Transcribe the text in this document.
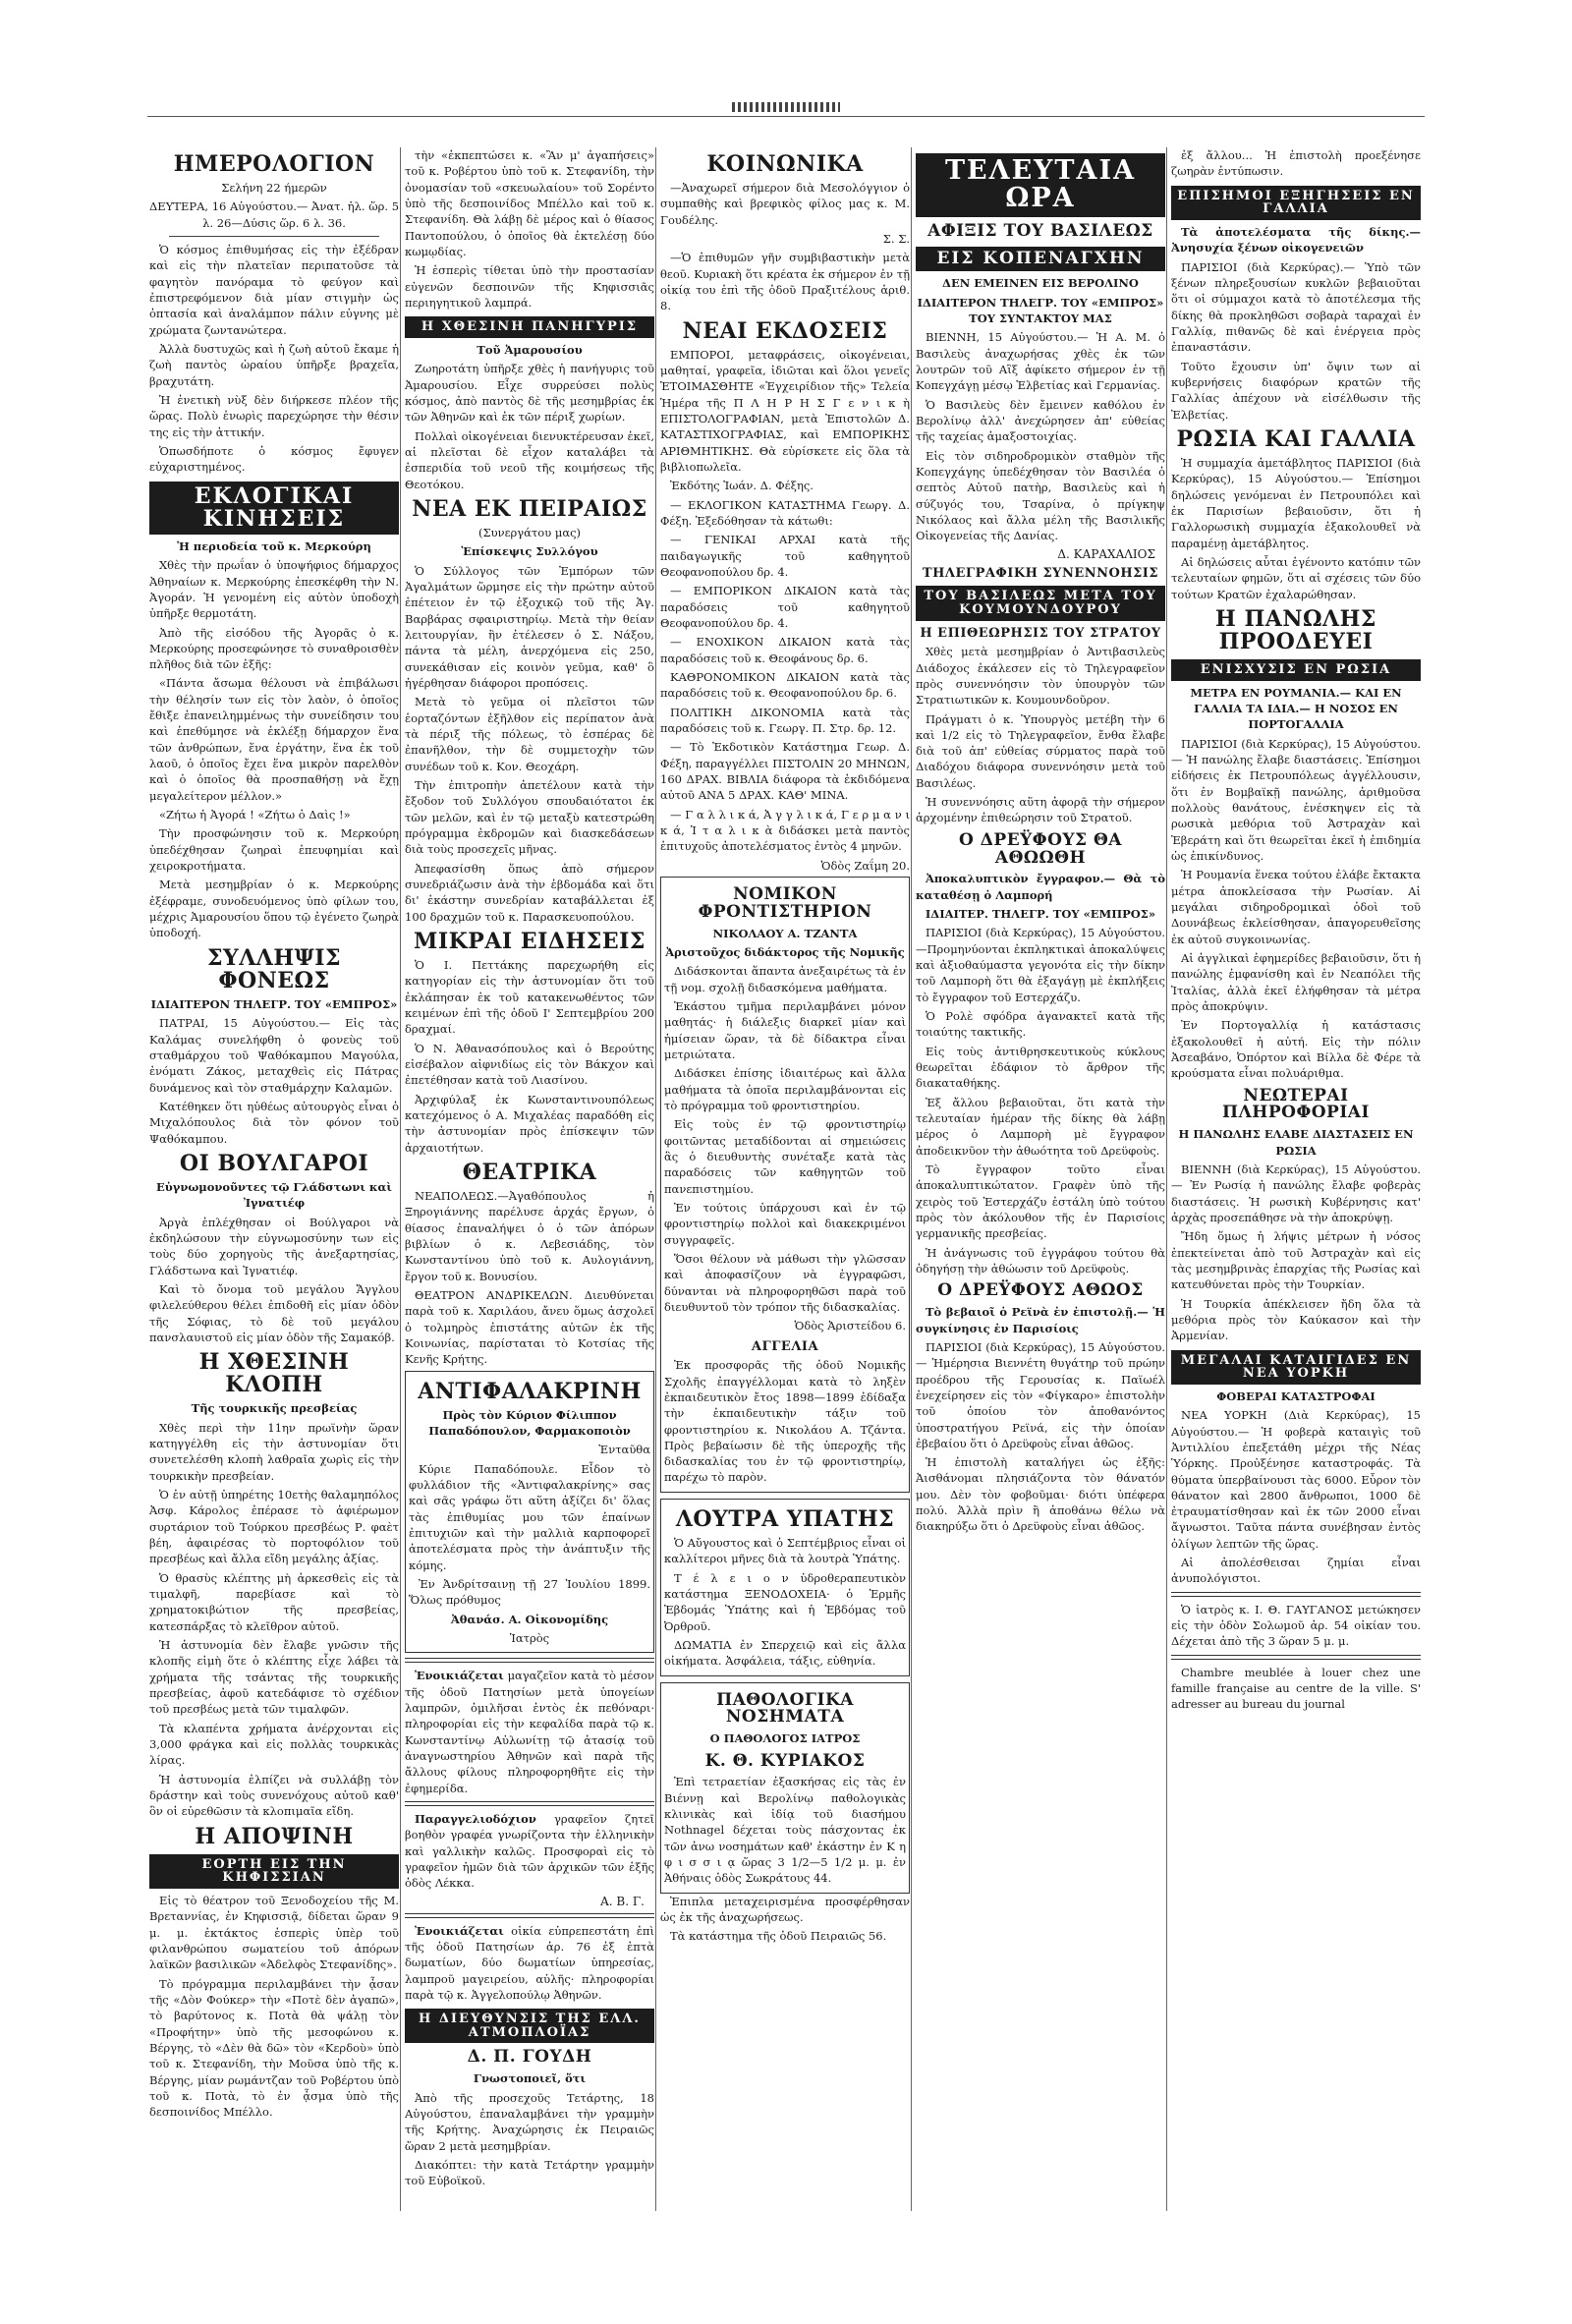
ΗΜΕΡΟΛΟΓΙΟΝ

Σελήνη 22 ήμερῶν

ΔΕΥΤΕΡΑ, 16 Αὐγούστου.— Ἀνατ. ἡλ. ὥρ. 5 λ. 26—Δύσις ὥρ. 6 λ. 36.

Ὁ κόσμος ἐπιθυμήσας εἰς τὴν ἐξέδραν καὶ εἰς τὴν πλατεῖαν περιπατοῦσε τὰ φαγητὸν πανόραμα τὸ φεύγον καὶ ἐπιστρεφόμενον διὰ μίαν στιγμὴν ὡς ὀπτασία καὶ ἀναλάμπον πάλιν εὐγνης μὲ χρώματα ζωντανώτερα.

Ἀλλὰ δυστυχῶς καὶ ἡ ζωὴ αὐτοῦ ἔκαμε ἡ ζωὴ παντὸς ὡραίου ὑπῆρξε βραχεῖα, βραχυτάτη.

Ἡ ἐνετικὴ νὺξ δὲν διήρκεσε πλέον τῆς ὥρας. Πολὺ ἐνωρὶς παρεχώρησε τὴν θέσιν της εἰς τὴν ἀττικήν.

Ὁπωσδήποτε ὁ κόσμος ἔφυγεν εὐχαριστημένος.

ΕΚΛΟΓΙΚΑΙ ΚΙΝΗΣΕΙΣ

Ἡ περιοδεία τοῦ κ. Μερκούρη

Χθὲς τὴν πρωΐαν ὁ ὑποψήφιος δήμαρχος Ἀθηναίων κ. Μερκούρης ἐπεσκέφθη τὴν Ν. Ἀγοράν. Ἡ γενομένη εἰς αὐτὸν ὑποδοχὴ ὑπῆρξε θερμοτάτη.

Ἀπὸ τῆς εἰσόδου τῆς Ἀγορᾶς ὁ κ. Μερκούρης προσεφώνησε τὸ συναθροισθὲν πλῆθος διὰ τῶν ἑξῆς:

«Πάντα ἄσωμα θέλουσι νὰ ἐπιβάλωσι τὴν θέλησίν των εἰς τὸν λαὸν, ὁ ὁποῖος ἔθιξε ἐπανειλημμένως τὴν συνείδησιν του καὶ ἐπεθύμησε νὰ ἐκλέξῃ δήμαρχον ἕνα τῶν ἀνθρώπων, ἕνα ἐργάτην, ἕνα ἐκ τοῦ λαοῦ, ὁ ὁποῖος ἔχει ἕνα μικρὸν παρελθὸν καὶ ὁ ὁποῖος θὰ προσπαθήσῃ νὰ ἔχῃ μεγαλείτερον μέλλον.»

«Ζήτω ἡ Ἀγορά ! «Ζήτω ὁ Δαὶς !»

Τὴν προσφώνησιν τοῦ κ. Μερκούρη ὑπεδέχθησαν ζωηραὶ ἐπευφημίαι καὶ χειροκροτήματα.

Μετὰ μεσημβρίαν ὁ κ. Μερκούρης ἐξέφραμε, συνοδευόμενος ὑπὸ φίλων του, μέχρις Ἀμαρουσίου ὅπου τῷ ἐγένετο ζωηρὰ ὑποδοχή.

ΣΥΛΛΗΨΙΣ ΦΟΝΕΩΣ

ΙΔΙΑΙΤΕΡΟΝ ΤΗΛΕΓΡ. ΤΟΥ «ΕΜΠΡΟΣ»

ΠΑΤΡΑΙ, 15 Αὐγούστου.— Εἰς τὰς Καλάμας συνελήφθη ὁ φονεὺς τοῦ σταθμάρχου τοῦ Ψαθόκαμπου Μαγούλα, ἐνόματι Ζάκος, μεταχθεὶς εἰς Πάτρας δυνάμενος καὶ τὸν σταθμάρχην Καλαμῶν.

Κατέθηκεν ὅτι ηὐθέως αὐτουργὸς εἶναι ὁ Μιχαλόπουλος διὰ τὸν φόνον τοῦ Ψαθόκαμπου.

ΟΙ ΒΟΥΛΓΑΡΟΙ

Εὐγνωμονοῦντες τῷ Γλάδστωνι καὶ Ἰγνατιέφ

Ἀργὰ ἐπλέχθησαν οἱ Βούλγαροι νὰ ἐκδηλώσουν τὴν εὐγνωμοσύνην των εἰς τοὺς δύο χορηγοὺς τῆς ἀνεξαρτησίας, Γλάδστωνα καὶ Ἰγνατιέφ.

Καὶ τὸ ὄνομα τοῦ μεγάλου Ἄγγλου φιλελεύθερου θέλει ἐπιδοθῆ εἰς μίαν ὁδὸν τῆς Σόφιας, τὸ δὲ τοῦ μεγάλου πανσλαυιστοῦ εἰς μίαν ὁδὸν τῆς Σαμακόβ.

Η ΧΘΕΣΙΝΗ ΚΛΟΠΗ

Τῆς τουρκικῆς πρεσβείας

Χθὲς περὶ τὴν 11ην πρωϊνὴν ὥραν κατηγγέλθη εἰς τὴν ἀστυνομίαν ὅτι συνετελέσθη κλοπὴ λαθραῖα χωρὶς εἰς τὴν τουρκικὴν πρεσβείαν.

Ὁ ἐν αὐτῇ ὑπηρέτης 10ετὴς θαλαμηπόλος Ἀσφ. Κάρολος ἐπέρασε τὸ ἀφιέρωμον συρτάριον τοῦ Τούρκου πρεσβέως Ρ. φαὲτ βέη, ἀφαιρέσας τὸ πορτοφόλιον τοῦ πρεσβέως καὶ ἄλλα εἴδη μεγάλης ἀξίας.

Ὁ θρασὺς κλέπτης μὴ ἀρκεσθεὶς εἰς τὰ τιμαλφῆ, παρεβίασε καὶ τὸ χρηματοκιβώτιον τῆς πρεσβείας, κατεσπάρξας τὸ κλεῖθρον αὐτοῦ.

Ἡ ἀστυνομία δὲν ἔλαβε γνῶσιν τῆς κλοπῆς εἰμὴ ὅτε ὁ κλέπτης εἶχε λάβει τὰ χρήματα τῆς τσάντας τῆς τουρκικῆς πρεσβείας, ἀφοῦ κατεδάφισε τὸ σχέδιον τοῦ πρεσβέως μετὰ τῶν τιμαλφῶν.

Τὰ κλαπέντα χρήματα ἀνέρχονται εἰς 3,000 φράγκα καὶ εἰς πολλὰς τουρκικὰς λίρας.

Ἡ ἀστυνομία ἐλπίζει νὰ συλλάβῃ τὸν δράστην καὶ τοὺς συνενόχους αὐτοῦ καθ' ὃν οἱ εὐρεθῶσιν τὰ κλοπιμαῖα εἴδη.

Η ΑΠΟΨΙΝΗ
ΕΟΡΤΗ ΕΙΣ ΤΗΝ ΚΗΦΙΣΣΙΑΝ

Εἰς τὸ θέατρον τοῦ Ξενοδοχείου τῆς Μ. Βρεταννίας, ἐν Κηφισσιᾷ, δίδεται ὥραν 9 μ. μ. ἐκτάκτος ἑσπερὶς ὑπὲρ τοῦ φιλανθρώπου σωματείου τοῦ ἀπόρων λαϊκῶν βασιλικῶν «Ἀδελφὸς Στεφανίδης».

Τὸ πρόγραμμα περιλαμβάνει τὴν ᾆσαν τῆς «Δὸν Φούκερ» τὴν «Ποτὲ δὲν ἀγαπῶ», τὸ βαρύτονος κ. Ποτὰ θὰ ψάλῃ τὸν «Προφήτην» ὑπὸ τῆς μεσοφώνου κ. Βέργης, τὸ «Δὲν θὰ δῶ» τὸν «Κερδοὺ» ὑπὸ τοῦ κ. Στεφανίδη, τὴν Μοῦσα ὑπὸ τῆς κ. Βέργης, μίαν ρωμάντζαν τοῦ Ροβέρτου ὑπὸ τοῦ κ. Ποτὰ, τὸ ἐν ᾆσμα ὑπὸ τῆς δεσποινίδος Μπέλλο.

τὴν «ἐκπεπτώσει κ. «Ἂν μ' ἀγαπήσεις» τοῦ κ. Ροβέρτου ὑπὸ τοῦ κ. Στεφανίδη, τὴν ὀνομασίαν τοῦ «σκευωλαίου» τοῦ Σορέντο ὑπὸ τῆς δεσποινίδος Μπέλλο καὶ τοῦ κ. Στεφανίδη. Θὰ λάβῃ δὲ μέρος καὶ ὁ θίασος Παντοπούλου, ὁ ὁποῖος θὰ ἐκτελέσῃ δύο κωμῳδίας.

Ἡ ἑσπερὶς τίθεται ὑπὸ τὴν προστασίαν εὐγενῶν δεσποινῶν τῆς Κηφισσιᾶς περιηγητικοῦ λαμπρά.

Η ΧΘΕΣΙΝΗ ΠΑΝΗΓΥΡΙΣ

Τοῦ Ἀμαρουσίου

Ζωηροτάτη ὑπῆρξε χθὲς ἡ πανήγυρις τοῦ Ἀμαρουσίου. Εἶχε συρρεύσει πολὺς κόσμος, ἀπὸ παντὸς δὲ τῆς μεσημβρίας ἐκ τῶν Ἀθηνῶν καὶ ἐκ τῶν πέριξ χωρίων.

Πολλαὶ οἰκογένειαι διενυκτέρευσαν ἐκεῖ, αἱ πλεῖσται δὲ εἶχον καταλάβει τὰ ἐσπεριδία τοῦ νεοῦ τῆς κοιμήσεως τῆς Θεοτόκου.

ΝΕΑ ΕΚ ΠΕΙΡΑΙΩΣ

(Συνεργάτου μας)

Ἐπίσκεψις Συλλόγου

Ὁ Σύλλογος τῶν Ἐμπόρων τῶν Ἀγαλμάτων ὥρμησε εἰς τὴν πρώτην αὐτοῦ ἐπέτειον ἐν τῷ ἐξοχικῷ τοῦ τῆς Ἁγ. Βαρβάρας σφαιριστηρίῳ. Μετὰ τὴν θείαν λειτουργίαν, ἣν ἐτέλεσεν ὁ Σ. Νάξου, πάντα τὰ μέλη, ἀνερχόμενα εἰς 250, συνεκάθισαν εἰς κοινὸν γεῦμα, καθ' ὃ ἠγέρθησαν διάφοροι προπόσεις.

Μετὰ τὸ γεῦμα οἱ πλεῖστοι τῶν ἑορταζόντων ἐξῆλθον εἰς περίπατον ἀνὰ τὰ πέριξ τῆς πόλεως, τὸ ἑσπέρας δὲ ἐπανῆλθον, τὴν δὲ συμμετοχὴν τῶν συνέδων τοῦ κ. Κον. Θεοχάρη.

Τὴν ἐπιτροπὴν ἀπετέλουν κατὰ τὴν ἔξοδον τοῦ Συλλόγου σπουδαιότατοι ἐκ τῶν μελῶν, καὶ ἐν τῷ μεταξὺ κατεστρώθη πρόγραμμα ἐκδρομῶν καὶ διασκεδάσεων διὰ τοὺς προσεχεῖς μῆνας.

Ἀπεφασίσθη ὅπως ἀπὸ σήμερον συνεδριάζωσιν ἀνὰ τὴν ἑβδομάδα καὶ ὅτι δι' ἑκάστην συνεδρίαν καταβάλλεται ἐξ 100 δραχμῶν τοῦ κ. Παρασκευοπούλου.

ΜΙΚΡΑΙ ΕΙΔΗΣΕΙΣ

Ὁ Ι. Πεττάκης παρεχωρήθη εἰς κατηγορίαν εἰς τὴν ἀστυνομίαν ὅτι τοῦ ἐκλάπησαν ἐκ τοῦ κατακενωθέντος τῶν κειμένων ἐπὶ τῆς ὁδοῦ Ι' Σεπτεμβρίου 200 δραχμαί.

Ὁ Ν. Ἀθανασόπουλος καὶ ὁ Βερούτης εἰσέβαλον αἰφνιδίως εἰς τὸν Βάκχον καὶ ἐπετέθησαν κατὰ τοῦ Λιασίνου.

Ἀρχιφύλαξ ἐκ Κωνσταντινουπόλεως κατεχόμενος ὁ Α. Μιχαλέας παραδόθη εἰς τὴν ἀστυνομίαν πρὸς ἐπίσκεψιν τῶν ἀρχαιοτήτων.

ΘΕΑΤΡΙΚΑ

ΝΕΑΠΟΛΕΩΣ.—Ἀγαθόπουλος ἡ Ξηρογιάννης παρέλυσε ἀρχάς ἔργων, ὁ θίασος ἐπαναλήψει ὁ ὁ τῶν ἀπόρων βιβλίων ὁ κ. Λεβεσιάδης, τὸν Κωνσταντίνου ὑπὸ τοῦ κ. Αυλογιάννη, ἔργον τοῦ κ. Βονυσίου.

ΘΕΑΤΡΟΝ ΑΝΔΡΙΚΕΛΩΝ. Διευθύνεται παρὰ τοῦ κ. Χαριλάου, ἄνευ ὅμως ἀσχολεῖ ὁ τολμηρὸς ἐπιστάτης αὐτῶν ἐκ τῆς Κοινωνίας, παρίσταται τὸ Κοτσίας τῆς Κενῆς Κρήτης.

ΑΝΤΙΦΑΛΑΚΡΙΝΗ

Πρὸς τὸν Κύριον Φίλιππον Παπαδόπουλον, Φαρμακοποιὸν

Ἐνταῦθα

Κύριε Παπαδόπουλε. Εἶδον τὸ φυλλάδιον τῆς «Ἀντιφαλακρίνης» σας καὶ σᾶς γράφω ὅτι αὕτη ἀξίζει δι' ὅλας τὰς ἐπιθυμίας μου τῶν ἐπαίνων ἐπιτυχιῶν καὶ τὴν μαλλιὰ καρποφορεῖ ἀποτελέσματα πρὸς τὴν ἀνάπτυξιν τῆς κόμης.

Ἐν Ἀνδρίτσαινῃ τῇ 27 Ἰουλίου 1899. Ὅλως πρόθυμος

Ἀθανάσ. Α. Οἰκονομίδης

Ἰατρὸς

Ἐνοικιάζεται μαγαζεῖον κατὰ τὸ μέσον τῆς ὁδοῦ Πατησίων μετὰ ὑπογείων λαμπρῶν, ὁμιλῆσαι ἐντὸς ἐκ πεθόναρι· πληροφορίαι εἰς τὴν κεφαλίδα παρὰ τῷ κ. Κωνσταντίνῳ Αὐλωνίτῃ τῷ ἀτασίᾳ τοῦ ἀναγνωστηρίου Ἀθηνῶν καὶ παρὰ τῆς ἄλλους φίλους πληροφορηθῆτε εἰς τὴν ἐφημερίδα.

Παραγγελιοδόχιον γραφεῖον ζητεῖ βοηθὸν γραφέα γνωρίζοντα τὴν ἑλληνικὴν καὶ γαλλικὴν καλῶς. Προσφοραὶ εἰς τὸ γραφεῖον ἡμῶν διὰ τῶν ἀρχικῶν τῶν ἑξῆς ὁδὸς Λέκκα.

Α. Β. Γ.

Ἐνοικιάζεται οἰκία εὐπρεπεστάτη ἐπὶ τῆς ὁδοῦ Πατησίων ἀρ. 76 ἐξ ἑπτὰ δωματίων, δύο δωματίων ὑπηρεσίας, λαμπροῦ μαγειρείου, αὐλῆς· πληροφορίαι παρὰ τῷ κ. Ἀγγελοπούλῳ Ἀθηνῶν.

Η ΔΙΕΥΘΥΝΣΙΣ ΤΗΣ ΕΛΛ. ΑΤΜΟΠΛΟΪΑΣ
Δ. Π. ΓΟΥΔΗ

Γνωστοποιεῖ, ὅτι

Ἀπὸ τῆς προσεχοῦς Τετάρτης, 18 Αὐγούστου, ἐπαναλαμβάνει τὴν γραμμὴν τῆς Κρήτης. Ἀναχώρησις ἐκ Πειραιῶς ὥραν 2 μετὰ μεσημβρίαν.

Διακόπτει: τὴν κατὰ Τετάρτην γραμμὴν τοῦ Εὐβοϊκοῦ.

ΚΟΙΝΩΝΙΚΑ

—Ἀναχωρεῖ σήμερον διὰ Μεσολόγγιον ὁ συμπαθὴς καὶ βρεφικὸς φίλος μας κ. Μ. Γουδέλης.

Σ. Σ.

—Ὁ ἐπιθυμῶν γῆν συμβιβαστικὴν μετὰ θεοῦ. Κυριακὴ ὅτι κρέατα ἐκ σήμερον ἐν τῇ οἰκίᾳ του ἐπὶ τῆς ὁδοῦ Πραξιτέλους ἀριθ. 8.

ΝΕΑΙ ΕΚΔΟΣΕΙΣ

ΕΜΠΟΡΟΙ, μεταφράσεις, οἰκογένειαι, μαθηταί, γραφεῖα, ἰδιῶται καὶ ὅλοι γενεῖς ἙΤΟΙΜΑΣΘΗΤΕ «Ἑγχειρίδιον τῆς» Τελεία Ἡμέρα τῆς Π Λ Η Ρ Η Σ Γ ε ν ι κ ὴ ΕΠΙΣΤΟΛΟΓΡΑΦΙΑΝ, μετὰ Ἐπιστολῶν Δ. ΚΑΤΑΣΤΙΧΟΓΡΑΦΙΑΣ, καὶ ΕΜΠΟΡΙΚΗΣ ΑΡΙΘΜΗΤΙΚΗΣ. Θὰ εὑρίσκετε εἰς ὅλα τὰ βιβλιοπωλεῖα.

Ἐκδότης Ἰωάν. Δ. Φέξης.

— ΕΚΛΟΓΙΚΟΝ ΚΑΤΑΣΤΗΜΑ Γεωργ. Δ. Φέξη. Ἐξεδόθησαν τὰ κάτωθι:

— ΓΕΝΙΚΑΙ ΑΡΧΑΙ κατὰ τῆς παιδαγωγικῆς τοῦ καθηγητοῦ Θεοφανοπούλου δρ. 4.

— ΕΜΠΟΡΙΚΟΝ ΔΙΚΑΙΟΝ κατὰ τὰς παραδόσεις τοῦ καθηγητοῦ Θεοφανοπούλου δρ. 4.

— ΕΝΟΧΙΚΟΝ ΔΙΚΑΙΟΝ κατὰ τὰς παραδόσεις τοῦ κ. Θεοφάνους δρ. 6.

ΚΑΘΡΟΝΟΜΙΚΟΝ ΔΙΚΑΙΟΝ κατὰ τὰς παραδόσεις τοῦ κ. Θεοφανοπούλου δρ. 6.

ΠΟΛΙΤΙΚΗ ΔΙΚΟΝΟΜΙΑ κατὰ τὰς παραδόσεις τοῦ κ. Γεωργ. Π. Στρ. δρ. 12.

— Τὸ Ἐκδοτικὸν Κατάστημα Γεωρ. Δ. Φέξη, παραγγέλλει ΠΙΣΤΟΛΙΝ 20 ΜΗΝΩΝ, 160 ΔΡΑΧ. ΒΙΒΛΙΑ διάφορα τὰ ἐκδιδόμενα αὐτοῦ ΑΝΑ 5 ΔΡΑΧ. ΚΑΘ' ΜΙΝΑ.

— Γ α λ λ ι κ ά, Ἀ γ γ λ ι κ ά, Γ ε ρ μ α ν ι κ ά, Ἰ τ α λ ι κ ὰ διδάσκει μετὰ παντὸς ἐπιτυχοῦς ἀποτελέσματος ἐντὸς 4 μηνῶν.

Ὁδὸς Ζαΐμη 20.

ΝΟΜΙΚΟΝ ΦΡΟΝΤΙΣΤΗΡΙΟΝ

ΝΙΚΟΛΑΟΥ Α. ΤΖΑΝΤΑ

Ἀριστοῦχος διδάκτορος τῆς Νομικῆς

Διδάσκονται ἅπαντα ἀνεξαιρέτως τὰ ἐν τῇ νομ. σχολῇ διδασκόμενα μαθήματα.

Ἑκάστου τμῆμα περιλαμβάνει μόνον μαθητάς· ἡ διάλεξις διαρκεῖ μίαν καὶ ἡμίσειαν ὥραν, τὰ δὲ δίδακτρα εἶναι μετριώτατα.

Διδάσκει ἐπίσης ἰδιαιτέρως καὶ ἄλλα μαθήματα τὰ ὁποῖα περιλαμβάνονται εἰς τὸ πρόγραμμα τοῦ φροντιστηρίου.

Εἰς τοὺς ἐν τῷ φροντιστηρίῳ φοιτῶντας μεταδίδονται αἱ σημειώσεις ἃς ὁ διευθυντὴς συνέταξε κατὰ τὰς παραδόσεις τῶν καθηγητῶν τοῦ πανεπιστημίου.

Ἐν τούτοις ὑπάρχουσι καὶ ἐν τῷ φροντιστηρίῳ πολλοὶ καὶ διακεκριμένοι συγγραφεῖς.

Ὅσοι θέλουν νὰ μάθωσι τὴν γλῶσσαν καὶ ἀποφασίζουν νὰ ἐγγραφῶσι, δύνανται νὰ πληροφορηθῶσι παρὰ τοῦ διευθυντοῦ τὸν τρόπον τῆς διδασκαλίας.

Ὁδὸς Ἀριστείδου 6.

ΑΓΓΕΛΙΑ

Ἐκ προσφορᾶς τῆς ὁδοῦ Νομικῆς Σχολῆς ἐπαγγέλλομαι κατὰ τὸ ληξὲν ἐκπαιδευτικὸν ἔτος 1898—1899 ἐδίδαξα τὴν ἐκπαιδευτικὴν τάξιν τοῦ φροντιστηρίου κ. Νικολάου Α. Τζάντα. Πρὸς βεβαίωσιν δὲ τῆς ὑπεροχῆς τῆς διδασκαλίας του ἐν τῷ φροντιστηρίῳ, παρέχω τὸ παρὸν.

ΛΟΥΤΡΑ ΥΠΑΤΗΣ

Ὁ Αὔγουστος καὶ ὁ Σεπτέμβριος εἶναι οἱ καλλίτεροι μῆνες διὰ τὰ λουτρὰ Ὑπάτης.

Τ έ λ ε ι ο ν ὑδροθεραπευτικὸν κατάστημα ΞΕΝΟΔΟΧΕΙΑ· ὁ Ἑρμῆς Ἑβδομάς Ὑπάτης καὶ ἡ Ἐβδόμας τοῦ Ὀρθροῦ.

ΔΩΜΑΤΙΑ ἐν Σπερχειῷ καὶ εἰς ἄλλα οἰκήματα. Ἀσφάλεια, τάξις, εὐθηνία.

ΠΑΘΟΛΟΓΙΚΑ ΝΟΣΗΜΑΤΑ

Ο ΠΑΘΟΛΟΓΟΣ ΙΑΤΡΟΣ

Κ. Θ. ΚΥΡΙΑΚΟΣ

Ἐπὶ τετραετίαν ἐξασκήσας εἰς τὰς ἐν Βιέννῃ καὶ Βερολίνῳ παθολογικὰς κλινικὰς καὶ ἰδίᾳ τοῦ διασήμου Nothnagel δέχεται τοὺς πάσχοντας ἐκ τῶν ἀνω νοσημάτων καθ' ἑκάστην ἐν Κ η φ ι σ σ ι ᾳ ὥρας 3 1/2—5 1/2 μ. μ. ἐν Ἀθήναις ὁδὸς Σωκράτους 44.

Ἐπιπλα μεταχειρισμένα προσφέρθησαν ὡς ἐκ τῆς ἀναχωρήσεως.

Τὰ κατάστημα τῆς ὁδοῦ Πειραιῶς 56.

ΤΕΛΕΥΤΑΙΑ ΩΡΑ
ΑΦΙΞΙΣ ΤΟΥ ΒΑΣΙΛΕΩΣ
ΕΙΣ ΚΟΠΕΝΑΓΧΗΝ

ΔΕΝ ΕΜΕΙΝΕΝ ΕΙΣ ΒΕΡΟΛΙΝΟ

ΙΔΙΑΙΤΕΡΟΝ ΤΗΛΕΓΡ. ΤΟΥ «ΕΜΠΡΟΣ» ΤΟΥ ΣΥΝΤΑΚΤΟΥ ΜΑΣ

ΒΙΕΝΝΗ, 15 Αὐγούστου.— Ἡ Α. Μ. ὁ Βασιλεὺς ἀναχωρήσας χθὲς ἐκ τῶν λουτρῶν τοῦ Αἲξ ἀφίκετο σήμερον ἐν τῇ Κοπεγχάγῃ μέσῳ Ἑλβετίας καὶ Γερμανίας.

Ὁ Βασιλεὺς δὲν ἔμεινεν καθόλου ἐν Βερολίνῳ ἀλλ' ἀνεχώρησεν ἀπ' εὐθείας τῆς ταχείας ἁμαξοστοιχίας.

Εἰς τὸν σιδηροδρομικὸν σταθμὸν τῆς Κοπεγχάγης ὑπεδέχθησαν τὸν Βασιλέα ὁ σεπτὸς Αὐτοῦ πατὴρ, Βασιλεὺς καὶ ἡ σύζυγός του, Τσαρίνα, ὁ πρίγκηψ Νικόλαος καὶ ἄλλα μέλη τῆς Βασιλικῆς Οἰκογενείας τῆς Δανίας.

Δ. ΚΑΡΑΧΑΛΙΟΣ

ΤΗΛΕΓΡΑΦΙΚΗ ΣΥΝΕΝΝΟΗΣΙΣ
ΤΟΥ ΒΑΣΙΛΕΩΣ ΜΕΤΑ ΤΟΥ ΚΟΥΜΟΥΝΔΟΥΡΟΥ
Η ΕΠΙΘΕΩΡΗΣΙΣ ΤΟΥ ΣΤΡΑΤΟΥ

Χθὲς μετὰ μεσημβρίαν ὁ Ἀντιβασιλεὺς Διάδοχος ἐκάλεσεν εἰς τὸ Τηλεγραφεῖον πρὸς συνεννόησιν τὸν ὑπουργὸν τῶν Στρατιωτικῶν κ. Κουμουνδοῦρον.

Πράγματι ὁ κ. Ὑπουργὸς μετέβη τὴν 6 καὶ 1/2 εἰς τὸ Τηλεγραφεῖον, ἔνθα ἔλαβε διὰ τοῦ ἀπ' εὐθείας σύρματος παρὰ τοῦ Διαδόχου διάφορα συνεννόησιν μετὰ τοῦ Βασιλέως.

Ἡ συνεννόησις αὕτη ἀφορᾷ τὴν σήμερον ἀρχομένην ἐπιθεώρησιν τοῦ Στρατοῦ.

Ο ΔΡΕΫΦΟΥΣ ΘΑ ΑΘΩΩΘΗ

Ἀποκαλυπτικὸν ἔγγραφον.— Θὰ τὸ καταθέσῃ ὁ Λαμπορή

ΙΔΙΑΙΤΕΡ. ΤΗΛΕΓΡ. ΤΟΥ «ΕΜΠΡΟΣ»

ΠΑΡΙΣΙΟΙ (διὰ Κερκύρας), 15 Αὐγούστου.—Προμηνύονται ἐκπληκτικαὶ ἀποκαλύψεις καὶ ἀξιοθαύμαστα γεγονότα εἰς τὴν δίκην τοῦ Λαμπορὴ ὅτι θὰ ἐξαγάγῃ μὲ ἐκπλήξεις τὸ ἔγγραφον τοῦ Εστερχάζυ.

Ὁ Ρολὲ σφόδρα ἀγανακτεῖ κατὰ τῆς τοιαύτης τακτικῆς.

Εἰς τοὺς ἀντιθρησκευτικοὺς κύκλους θεωρεῖται ἐδάφιον τὸ ἄρθρον τῆς διακαταθήκης.

Ἐξ ἄλλου βεβαιοῦται, ὅτι κατὰ τὴν τελευταίαν ἡμέραν τῆς δίκης θὰ λάβῃ μέρος ὁ Λαμπορὴ μὲ ἔγγραφον ἀποδεικνῦον τὴν ἀθωότητα τοῦ Δρεϋφοὺς.

Τὸ ἔγγραφον τοῦτο εἶναι ἀποκαλυπτικώτατον. Γραφὲν ὑπὸ τῆς χειρὸς τοῦ Ἐστερχάζυ ἐστάλη ὑπὸ τούτου πρὸς τὸν ἀκόλουθον τῆς ἐν Παρισίοις γερμανικῆς πρεσβείας.

Ἡ ἀνάγνωσις τοῦ ἐγγράφου τούτου θὰ ὁδηγήσῃ τὴν ἀθώωσιν τοῦ Δρεϋφοὺς.

Ο ΔΡΕΫΦΟΥΣ ΑΘΩΟΣ

Τὸ βεβαιοῖ ὁ Ρεϊνὰ ἐν ἐπιστολῇ.— Ἡ συγκίνησις ἐν Παρισίοις

ΠΑΡΙΣΙΟΙ (διὰ Κερκύρας), 15 Αὐγούστου.— Ἡμέρησια Βιεννέτη θυγάτηρ τοῦ πρώην προέδρου τῆς Γερουσίας κ. Παϊωέλ ἐνεχείρησεν εἰς τὸν «Φίγκαρο» ἐπιστολὴν τοῦ ὁποίου τὸν ἀποθανόντος ὑποστρατήγου Ρεϊνά, εἰς τὴν ὁποίαν ἐβεβαίου ὅτι ὁ Δρεϋφοὺς εἶναι ἀθῶος.

Ἡ ἐπιστολὴ καταλήγει ὡς ἑξῆς: Ἀισθάνομαι πλησιάζοντα τὸν θάνατόν μου. Δὲν τὸν φοβοῦμαι· διότι ὑπέφερα πολύ. Ἀλλὰ πρὶν ἢ ἀποθάνω θέλω νὰ διακηρύξω ὅτι ὁ Δρεϋφοὺς εἶναι ἀθῶος.

ἐξ ἄλλου... Ἡ ἐπιστολὴ προεξένησε ζωηρὰν ἐντύπωσιν.

ΕΠΙΣΗΜΟΙ ΕΞΗΓΗΣΕΙΣ ΕΝ ΓΑΛΛΙΑ

Τὰ ἀποτελέσματα τῆς δίκης.— Ἀνησυχία ξένων οἰκογενειῶν

ΠΑΡΙΣΙΟΙ (διὰ Κερκύρας).— Ὑπὸ τῶν ξένων πληρεξουσίων κυκλῶν βεβαιοῦται ὅτι οἱ σύμμαχοι κατὰ τὸ ἀποτέλεσμα τῆς δίκης θὰ προκληθῶσι σοβαρὰ ταραχαὶ ἐν Γαλλίᾳ, πιθανῶς δὲ καὶ ἐνέργεια πρὸς ἐπαναστάσιν.

Τοῦτο ἔχουσιν ὑπ' ὄψιν των αἱ κυβερνήσεις διαφόρων κρατῶν τῆς Γαλλίας ἀπέχουν νὰ εἰσέλθωσιν τῆς Ἐλβετίας.

ΡΩΣΙΑ ΚΑΙ ΓΑΛΛΙΑ

Ἡ συμμαχία ἀμετάβλητος ΠΑΡΙΣΙΟΙ (διὰ Κερκύρας), 15 Αὐγούστου.— Ἐπίσημοι δηλώσεις γενόμεναι ἐν Πετρουπόλει καὶ ἐκ Παρισίων βεβαιοῦσιν, ὅτι ἡ Γαλλορωσικὴ συμμαχία ἐξακολουθεῖ νὰ παραμένῃ ἀμετάβλητος.

Αἱ δηλώσεις αὗται ἐγένοντο κατόπιν τῶν τελευταίων φημῶν, ὅτι αἱ σχέσεις τῶν δύο τούτων Κρατῶν ἐχαλαρώθησαν.

Η ΠΑΝΩΛΗΣ ΠΡΟΟΔΕΥΕΙ
ΕΝΙΣΧΥΣΙΣ ΕΝ ΡΩΣΙΑ

ΜΕΤΡΑ ΕΝ ΡΟΥΜΑΝΙΑ.— ΚΑΙ ΕΝ ΓΑΛΛΙΑ ΤΑ ΙΔΙΑ.— Η ΝΟΣΟΣ ΕΝ ΠΟΡΤΟΓΑΛΛΙΑ

ΠΑΡΙΣΙΟΙ (διὰ Κερκύρας), 15 Αὐγούστου.— Ἡ πανώλης ἔλαβε διαστάσεις. Ἐπίσημοι εἰδήσεις ἐκ Πετρουπόλεως ἀγγέλλουσιν, ὅτι ἐν Βομβαϊκῇ πανώλης, ἀριθμοῦσα πολλοὺς θανάτους, ἐνέσκηψεν εἰς τὰ ρωσικὰ μεθόρια τοῦ Ἀστραχὰν καὶ Ἐβεράτη καὶ ὅτι θεωρεῖται ἐκεῖ ἡ ἐπιδημία ὡς ἐπικίνδυνος.

Ἡ Ρουμανία ἕνεκα τούτου ἐλάβε ἔκτακτα μέτρα ἀποκλείσασα τὴν Ρωσίαν. Αἱ μεγάλαι σιδηροδρομικαὶ ὁδοὶ τοῦ Δουνάβεως ἐκλείσθησαν, ἀπαγορευθεῖσης ἐκ αὐτοῦ συγκοινωνίας.

Αἱ ἀγγλικαὶ ἐφημερίδες βεβαιοῦσιν, ὅτι ἡ πανώλης ἐμφανίσθη καὶ ἐν Νεαπόλει τῆς Ἰταλίας, ἀλλὰ ἐκεῖ ἐλήφθησαν τὰ μέτρα πρὸς ἀποκρύψιν.

Ἐν Πορτογαλλίᾳ ἡ κατάστασις ἐξακολουθεῖ ἡ αὐτή. Εἰς τὴν πόλιν Ἀσεαβάνο, Ὀπόρτον καὶ Βίλλα δὲ Φέρε τὰ κρούσματα εἶναι πολυάριθμα.

ΝΕΩΤΕΡΑΙ ΠΛΗΡΟΦΟΡΙΑΙ

Η ΠΑΝΩΛΗΣ ΕΛΑΒΕ ΔΙΑΣΤΑΣΕΙΣ ΕΝ ΡΩΣΙΑ

ΒΙΕΝΝΗ (διὰ Κερκύρας), 15 Αὐγούστου.— Ἐν Ρωσίᾳ ἡ πανώλης ἔλαβε φοβερὰς διαστάσεις. Ἡ ρωσικὴ Κυβέρνησις κατ' ἀρχὰς προσεπάθησε νὰ τὴν ἀποκρύψῃ.

Ἤδη ὅμως ἡ λήψις μέτρων ἡ νόσος ἐπεκτείνεται ἀπὸ τοῦ Ἀστραχὰν καὶ εἰς τὰς μεσημβρινὰς ἐπαρχίας τῆς Ρωσίας καὶ κατευθύνεται πρὸς τὴν Τουρκίαν.

Ἡ Τουρκία ἀπέκλεισεν ἤδη ὅλα τὰ μεθόρια πρὸς τὸν Καύκασον καὶ τὴν Ἀρμενίαν.

ΜΕΓΑΛΑΙ ΚΑΤΑΙΓΙΔΕΣ ΕΝ ΝΕΑ ΥΟΡΚΗ

ΦΟΒΕΡΑΙ ΚΑΤΑΣΤΡΟΦΑΙ

ΝΕΑ ΥΟΡΚΗ (Διὰ Κερκύρας), 15 Αὐγούστου.— Ἡ φοβερὰ καταιγὶς τοῦ Ἀντιλλίου ἐπεξετάθη μέχρι τῆς Νέας Ὑόρκης. Προὐξένησε καταστροφάς. Τὰ θύματα ὑπερβαίνουσι τὰς 6000. Εὗρον τὸν θάνατον καὶ 2800 ἄνθρωποι, 1000 δὲ ἐτραυματίσθησαν καὶ ἐκ τῶν 2000 εἶναι ἄγνωστοι. Ταῦτα πάντα συνέβησαν ἐντὸς ὀλίγων λεπτῶν τῆς ὥρας.

Αἱ ἀπολέσθεισαι ζημίαι εἶναι ἀνυπολόγιστοι.

Ὁ ἰατρὸς κ. Ι. Θ. ΓΑΥΓΑΝΟΣ μετώκησεν εἰς τὴν ὁδὸν Σολωμοῦ ἀρ. 54 οἰκίαν του. Δέχεται ἀπὸ τῆς 3 ὥραν 5 μ. μ.

Chambre meublée à louer chez une famille française au centre de la ville. S' adresser au bureau du journal
